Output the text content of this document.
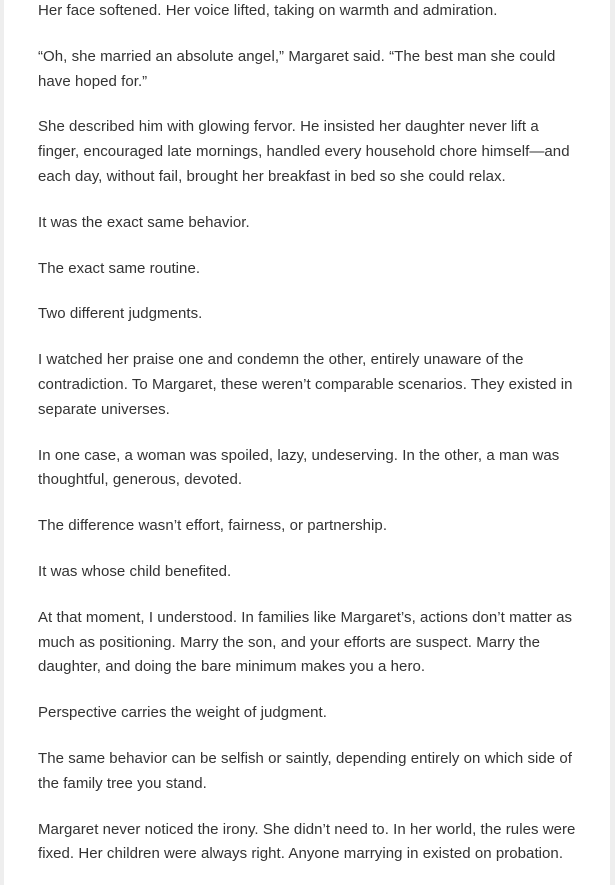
Her face softened. Her voice lifted, taking on warmth and admiration.

“Oh, she married an absolute angel,” Margaret said. “The best man she could have hoped for.”

She described him with glowing fervor. He insisted her daughter never lift a finger, encouraged late mornings, handled every household chore himself—and each day, without fail, brought her breakfast in bed so she could relax.

It was the exact same behavior.

The exact same routine.

Two different judgments.

I watched her praise one and condemn the other, entirely unaware of the contradiction. To Margaret, these weren’t comparable scenarios. They existed in separate universes.

In one case, a woman was spoiled, lazy, undeserving. In the other, a man was thoughtful, generous, devoted.

The difference wasn’t effort, fairness, or partnership.

It was whose child benefited.

At that moment, I understood. In families like Margaret’s, actions don’t matter as much as positioning. Marry the son, and your efforts are suspect. Marry the daughter, and doing the bare minimum makes you a hero.

Perspective carries the weight of judgment.

The same behavior can be selfish or saintly, depending entirely on which side of the family tree you stand.

Margaret never noticed the irony. She didn’t need to. In her world, the rules were fixed. Her children were always right. Anyone marrying in existed on probation.
